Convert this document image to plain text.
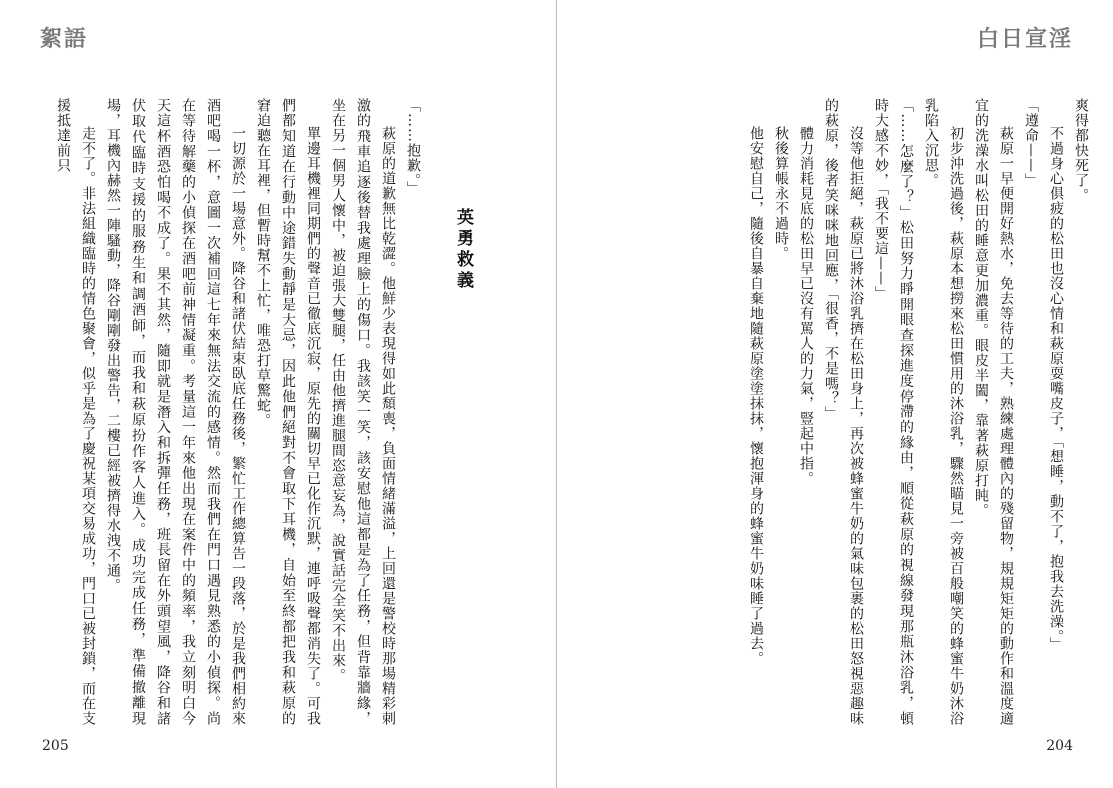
絮語
英勇救義

「……抱歉。」

萩原的道歉無比乾澀。他鮮少表現得如此頹喪，負面情緒滿溢，上回還是警校時那場精彩刺激的飛車追逐後替我處理臉上的傷口。我該笑一笑，該安慰他這都是為了任務，但背靠牆緣，坐在另一個男人懷中，被迫張大雙腿，任由他擠進腿間恣意妄為，說實話完全笑不出來。

單邊耳機裡同期們的聲音已徹底沉寂，原先的關切早已化作沉默，連呼吸聲都消失了。可我們都知道在行動中途錯失動靜是大忌，因此他們絕對不會取下耳機，自始至終都把我和萩原的窘迫聽在耳裡，但暫時幫不上忙，唯恐打草驚蛇。

一切源於一場意外。降谷和諸伏結束臥底任務後，繁忙工作總算告一段落，於是我們相約來酒吧喝一杯，意圖一次補回這七年來無法交流的感情。然而我們在門口遇見熟悉的小偵探。尚在等待解藥的小偵探在酒吧前神情凝重。考量這一年來他出現在案件中的頻率，我立刻明白今天這杯酒恐怕喝不成了。果不其然，隨即就是潛入和拆彈任務，班長留在外頭望風，降谷和諸伏取代臨時支援的服務生和調酒師，而我和萩原扮作客人進入。成功完成任務，準備撤離現場，耳機內赫然一陣騷動，降谷剛剛發出警告，二樓已經被擠得水洩不通。

走不了。非法組織臨時的情色聚會，似乎是為了慶祝某項交易成功，門口已被封鎖，而在支援抵達前只

205
白日宣淫

爽得都快死了。

不過身心俱疲的松田也沒心情和萩原耍嘴皮子，「想睡，動不了，抱我去洗澡。」

「遵命——」

萩原一早便開好熱水，免去等待的工夫，熟練處理體內的殘留物，規規矩矩的動作和溫度適宜的洗澡水叫松田的睡意更加濃重。眼皮半闔，靠著萩原打盹。

初步沖洗過後，萩原本想撈來松田慣用的沐浴乳，驟然瞄見一旁被百般嘲笑的蜂蜜牛奶沐浴乳陷入沉思。

「……怎麼了？」松田努力睜開眼查探進度停滯的緣由，順從萩原的視線發現那瓶沐浴乳，頓時大感不妙，「我不要這——」

沒等他拒絕，萩原已將沐浴乳擠在松田身上，再次被蜂蜜牛奶的氣味包裹的松田怒視惡趣味的萩原，後者笑咪咪地回應，「很香，不是嗎？」

體力消耗見底的松田早已沒有罵人的力氣，豎起中指。

秋後算帳永不過時。

他安慰自己，隨後自暴自棄地隨萩原塗塗抹抹，懷抱渾身的蜂蜜牛奶味睡了過去。

204
